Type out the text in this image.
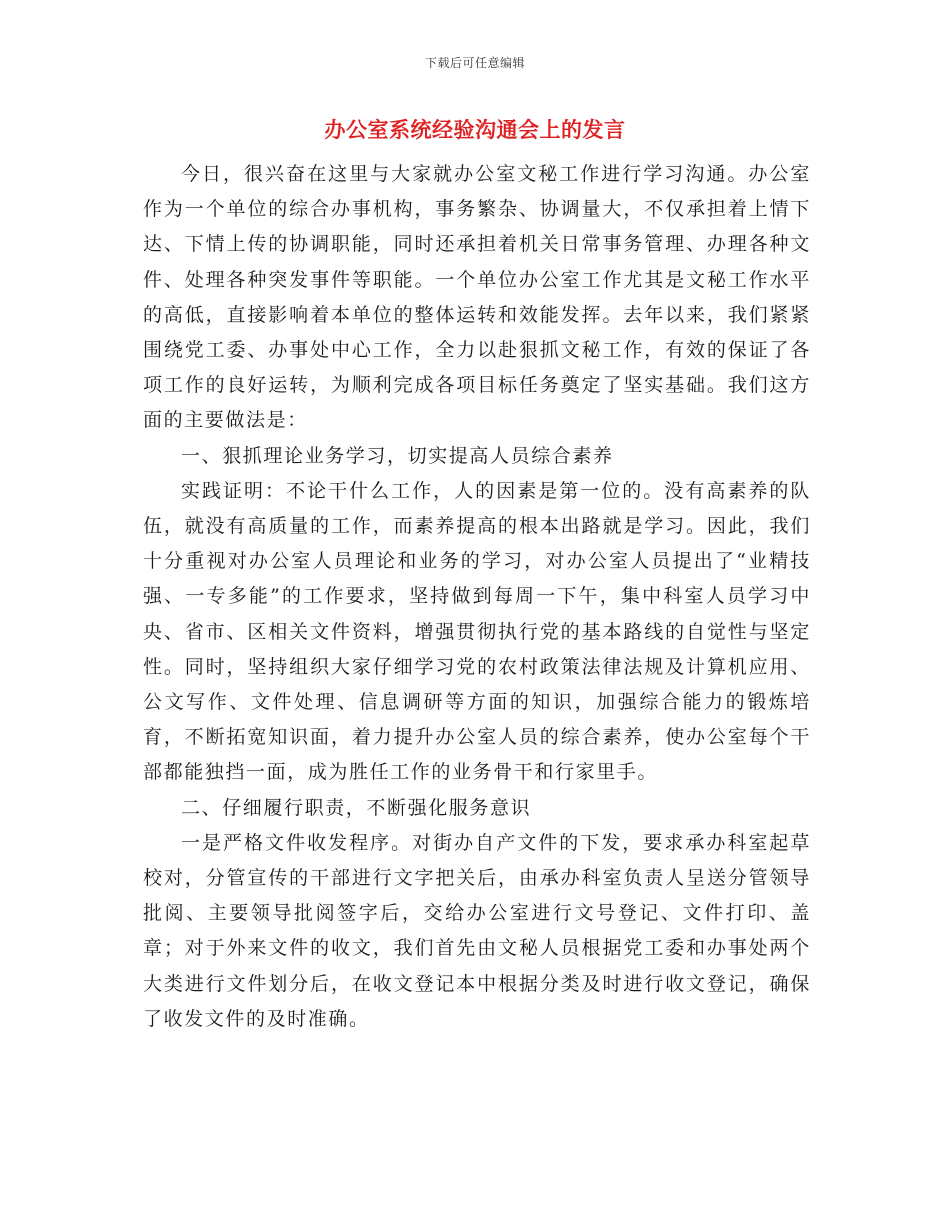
下载后可任意编辑
办公室系统经验沟通会上的发言

今日，很兴奋在这里与大家就办公室文秘工作进行学习沟通。办公室作为一个单位的综合办事机构，事务繁杂、协调量大，不仅承担着上情下达、下情上传的协调职能，同时还承担着机关日常事务管理、办理各种文件、处理各种突发事件等职能。一个单位办公室工作尤其是文秘工作水平的高低，直接影响着本单位的整体运转和效能发挥。去年以来，我们紧紧围绕党工委、办事处中心工作，全力以赴狠抓文秘工作，有效的保证了各项工作的良好运转，为顺利完成各项目标任务奠定了坚实基础。我们这方面的主要做法是：

一、狠抓理论业务学习，切实提高人员综合素养

实践证明：不论干什么工作，人的因素是第一位的。没有高素养的队伍，就没有高质量的工作，而素养提高的根本出路就是学习。因此，我们十分重视对办公室人员理论和业务的学习，对办公室人员提出了“业精技强、一专多能”的工作要求，坚持做到每周一下午，集中科室人员学习中央、省市、区相关文件资料，增强贯彻执行党的基本路线的自觉性与坚定性。同时，坚持组织大家仔细学习党的农村政策法律法规及计算机应用、公文写作、文件处理、信息调研等方面的知识，加强综合能力的锻炼培育，不断拓宽知识面，着力提升办公室人员的综合素养，使办公室每个干部都能独挡一面，成为胜任工作的业务骨干和行家里手。

二、仔细履行职责，不断强化服务意识

一是严格文件收发程序。对街办自产文件的下发，要求承办科室起草校对，分管宣传的干部进行文字把关后，由承办科室负责人呈送分管领导批阅、主要领导批阅签字后，交给办公室进行文号登记、文件打印、盖章；对于外来文件的收文，我们首先由文秘人员根据党工委和办事处两个大类进行文件划分后，在收文登记本中根据分类及时进行收文登记，确保了收发文件的及时准确。
